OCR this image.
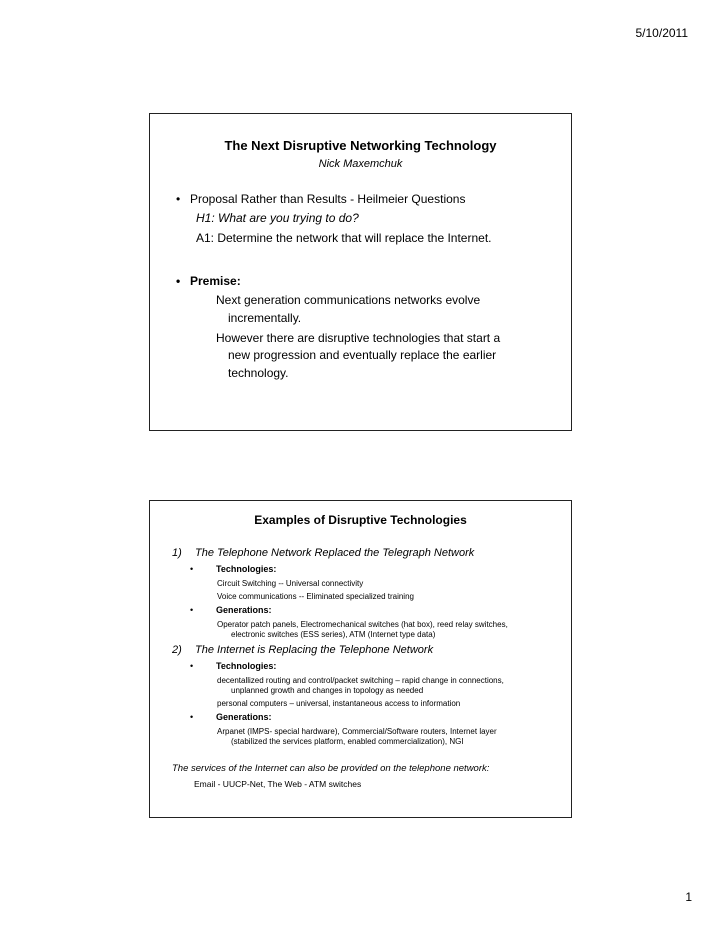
5/10/2011
The Next Disruptive Networking Technology
Nick Maxemchuk
• Proposal Rather than Results - Heilmeier Questions
H1: What are you trying to do?
A1: Determine the network that will replace the Internet.
• Premise:
Next generation communications networks evolve
incrementally.
However there are disruptive technologies that start a
new progression and eventually replace the earlier
technology.
Examples of Disruptive Technologies
1) The Telephone Network Replaced the Telegraph Network
•	Technologies:
Circuit Switching -- Universal connectivity
Voice communications -- Eliminated specialized training
•	Generations:
Operator patch panels, Electromechanical switches (hat box), reed relay switches,
electronic switches (ESS series), ATM (Internet type data)
2) The Internet is Replacing the Telephone Network
•	Technologies:
decentallized routing and control/packet switching – rapid change in connections,
unplanned growth and changes in topology as needed
personal computers – universal, instantaneous access to information
•	Generations:
Arpanet (IMPS- special hardware), Commercial/Software routers, Internet layer
(stabilized the services platform, enabled commercialization), NGI
The services of the Internet can also be provided on the telephone network:
Email - UUCP-Net, The Web - ATM switches
1
